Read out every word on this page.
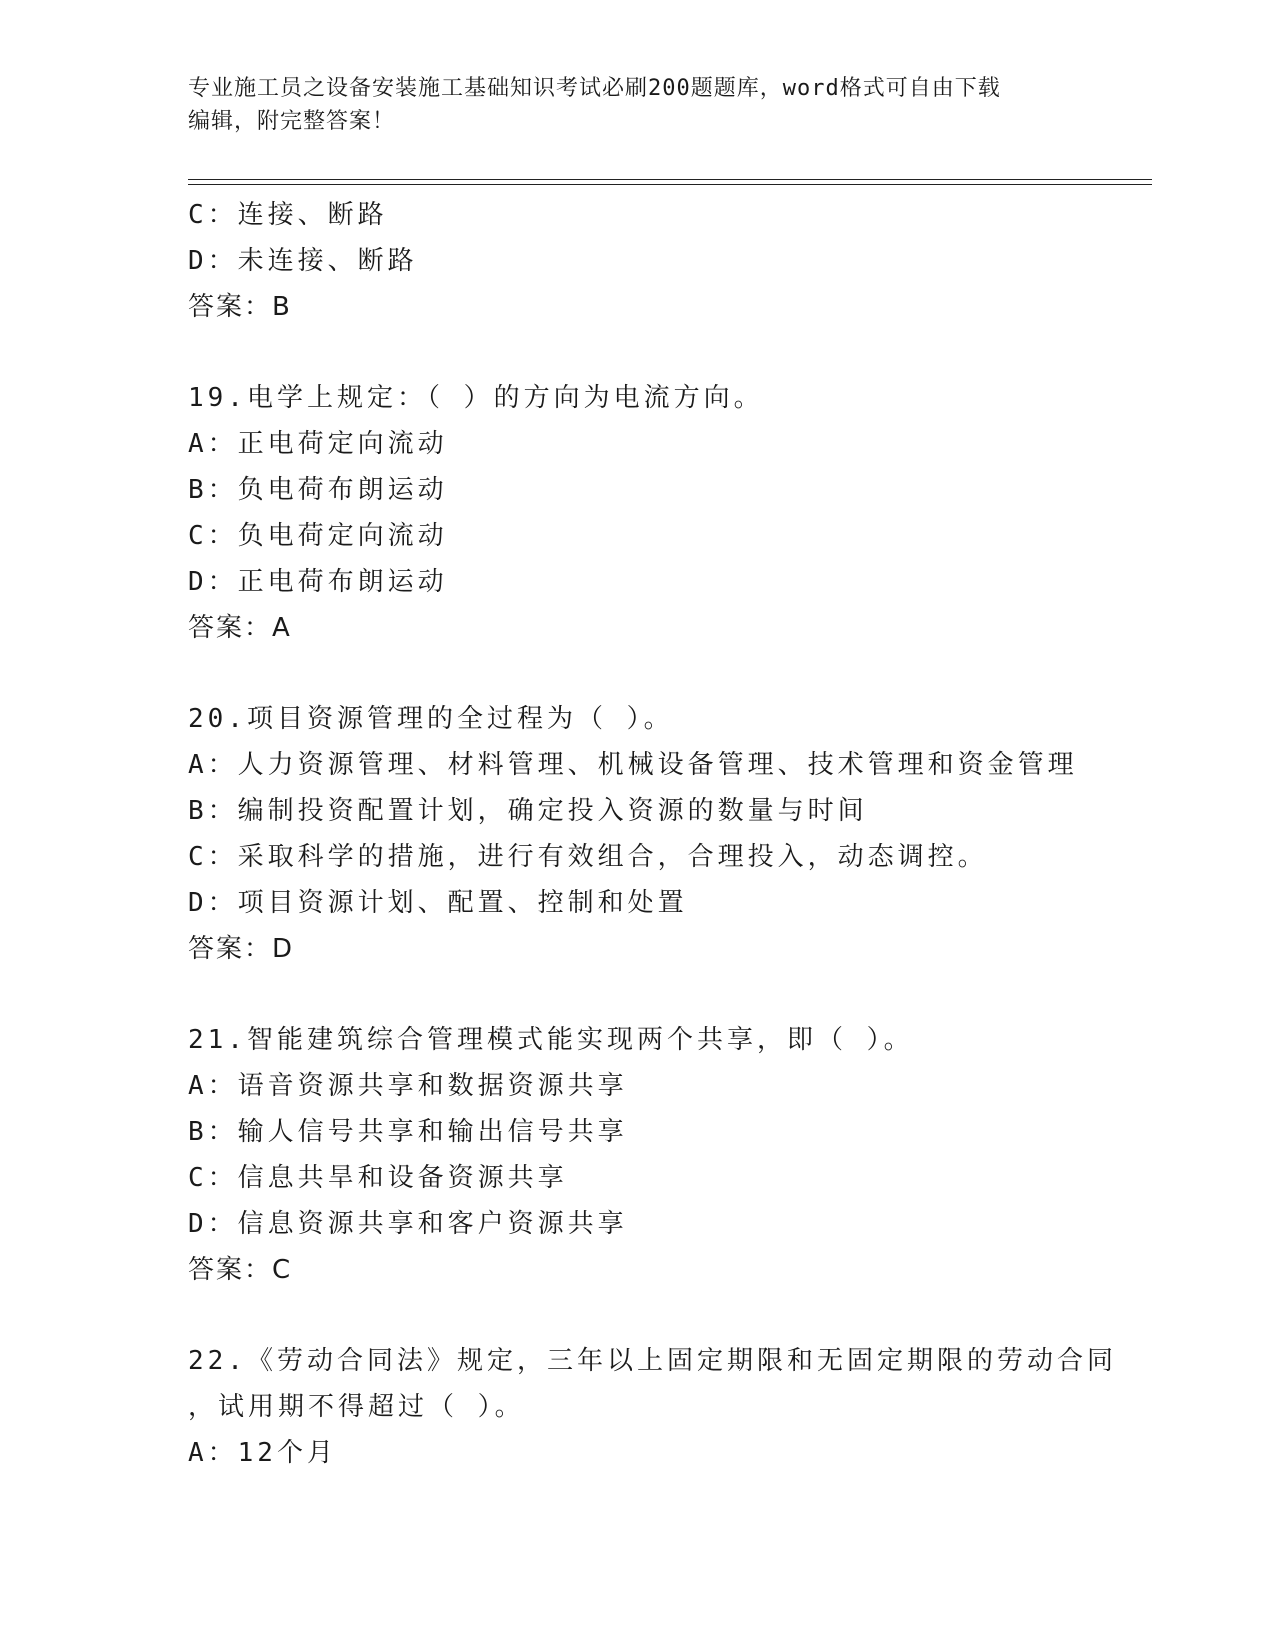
专业施工员之设备安装施工基础知识考试必刷200题题库，word格式可自由下载
编辑，附完整答案！
C：连接、断路
D：未连接、断路
答案：B
19.电学上规定：（ ）的方向为电流方向。
A：正电荷定向流动
B：负电荷布朗运动
C：负电荷定向流动
D：正电荷布朗运动
答案：A
20.项目资源管理的全过程为（ ）。
A：人力资源管理、材料管理、机械设备管理、技术管理和资金管理
B：编制投资配置计划，确定投入资源的数量与时间
C：采取科学的措施，进行有效组合，合理投入，动态调控。
D：项目资源计划、配置、控制和处置
答案：D
21.智能建筑综合管理模式能实现两个共享，即（ ）。
A：语音资源共享和数据资源共享
B：输人信号共享和输出信号共享
C：信息共旱和设备资源共享
D：信息资源共享和客户资源共享
答案：C
22.《劳动合同法》规定，三年以上固定期限和无固定期限的劳动合同
，试用期不得超过（ ）。
A：12个月
